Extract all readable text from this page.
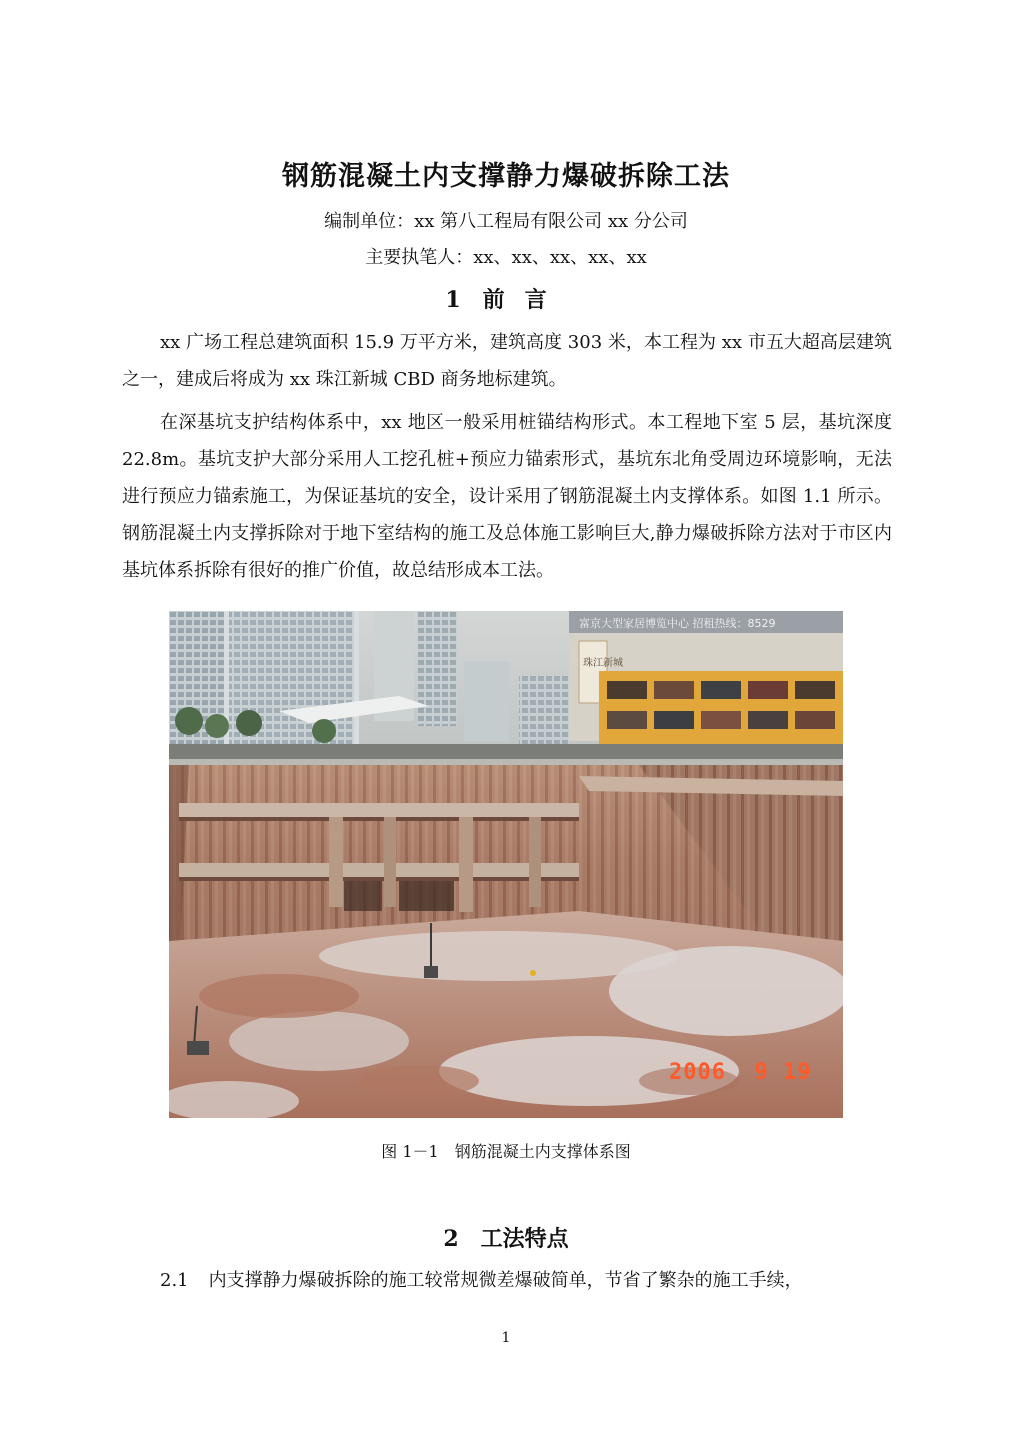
钢筋混凝土内支撑静力爆破拆除工法
编制单位：xx 第八工程局有限公司 xx 分公司
主要执笔人：xx、xx、xx、xx、xx
1 前言

xx 广场工程总建筑面积 15.9 万平方米，建筑高度 303 米，本工程为 xx 市五大超高层建筑之一，建成后将成为 xx 珠江新城 CBD 商务地标建筑。

在深基坑支护结构体系中，xx 地区一般采用桩锚结构形式。本工程地下室 5 层，基坑深度 22.8m。基坑支护大部分采用人工挖孔桩+预应力锚索形式，基坑东北角受周边环境影响，无法进行预应力锚索施工，为保证基坑的安全，设计采用了钢筋混凝土内支撑体系。如图 1.1 所示。钢筋混凝土内支撑拆除对于地下室结构的施工及总体施工影响巨大,静力爆破拆除方法对于市区内基坑体系拆除有很好的推广价值，故总结形成本工法。

富京大型家居博览中心 招租热线：8529
珠江新城
2006  9 19
图 1－1　钢筋混凝土内支撑体系图
2 工法特点

2.1 内支撑静力爆破拆除的施工较常规微差爆破简单，节省了繁杂的施工手续，

1
